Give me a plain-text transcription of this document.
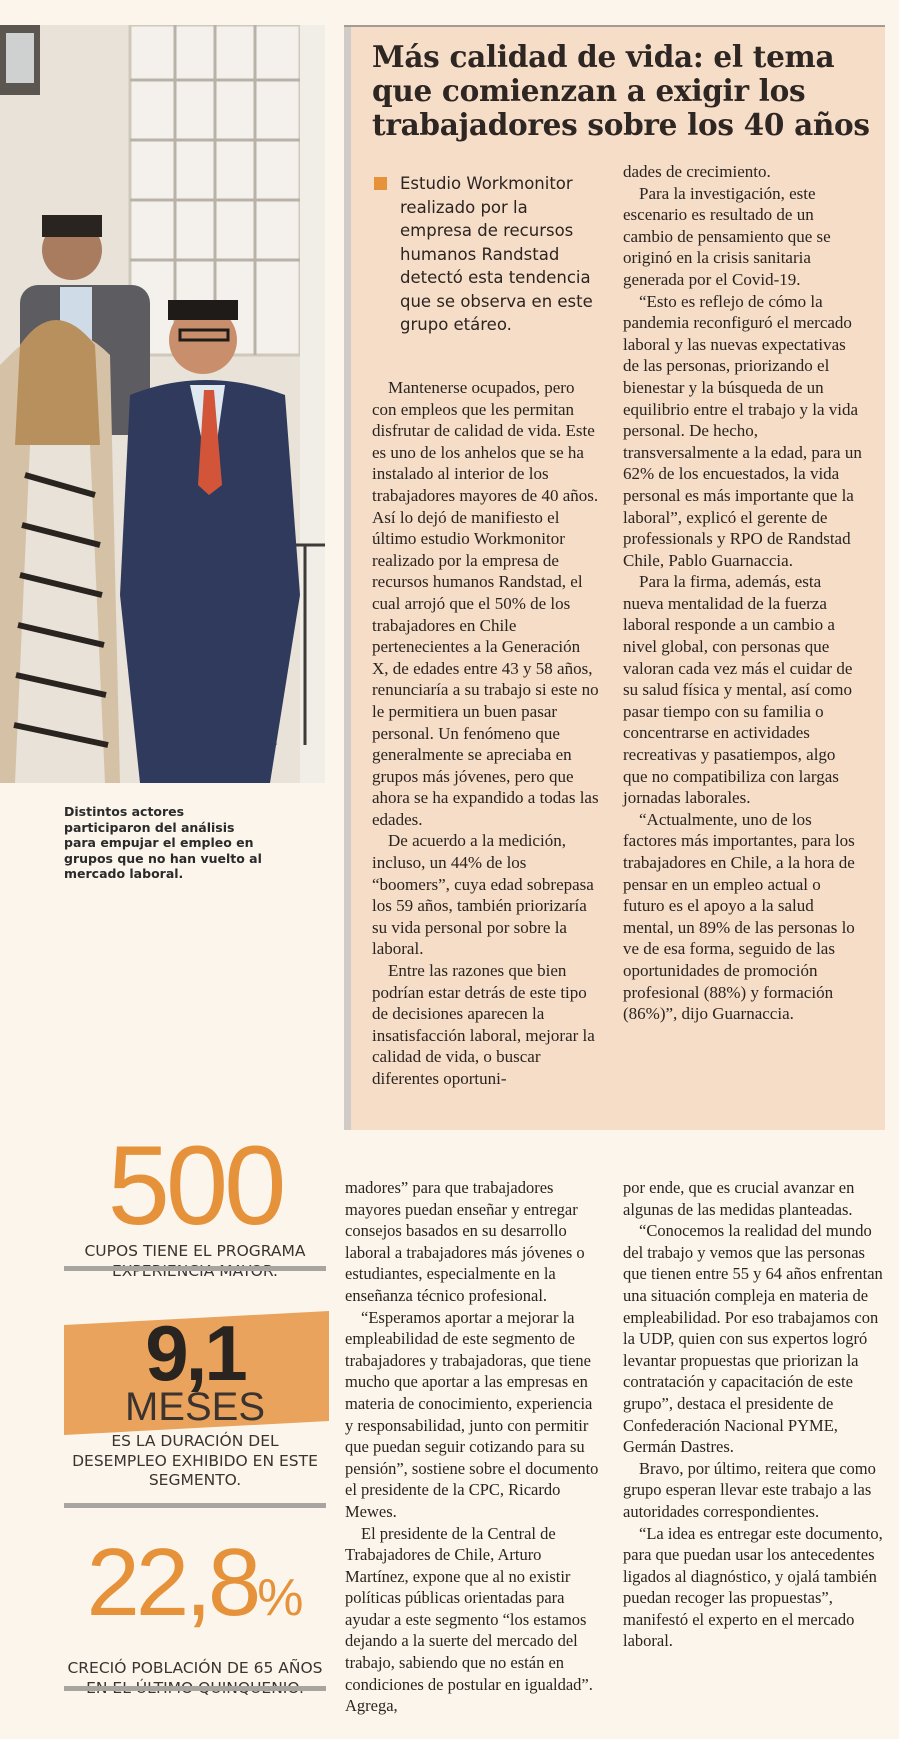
Distintos actores participaron del análisis para empujar el empleo en grupos que no han vuelto al mercado laboral.
Más calidad de vida: el tema que comienzan a exigir los trabajadores sobre los 40 años
Estudio Workmonitor realizado por la empresa de recursos humanos Randstad detectó esta tendencia que se observa en este grupo etáreo.

Mantenerse ocupados, pero con empleos que les permitan disfrutar de calidad de vida. Este es uno de los anhelos que se ha instalado al interior de los trabajadores mayores de 40 años. Así lo dejó de manifiesto el último estudio Workmonitor realizado por la empresa de recursos humanos Randstad, el cual arrojó que el 50% de los trabajadores en Chile pertenecientes a la Generación X, de edades entre 43 y 58 años, renunciaría a su trabajo si este no le permitiera un buen pasar personal. Un fenómeno que generalmente se apreciaba en grupos más jóvenes, pero que ahora se ha expandido a todas las edades.

De acuerdo a la medición, incluso, un 44% de los “boomers”, cuya edad sobrepasa los 59 años, también priorizaría su vida personal por sobre la laboral.

Entre las razones que bien podrían estar detrás de este tipo de decisiones aparecen la insatisfacción laboral, mejorar la calidad de vida, o buscar diferentes oportuni-

dades de crecimiento.

Para la investigación, este escenario es resultado de un cambio de pensamiento que se originó en la crisis sanitaria generada por el Covid-19.

“Esto es reflejo de cómo la pandemia reconfiguró el mercado laboral y las nuevas expectativas de las personas, priorizando el bienestar y la búsqueda de un equilibrio entre el trabajo y la vida personal. De hecho, transversalmente a la edad, para un 62% de los encuestados, la vida personal es más importante que la laboral”, explicó el gerente de professionals y RPO de Randstad Chile, Pablo Guarnaccia.

Para la firma, además, esta nueva mentalidad de la fuerza laboral responde a un cambio a nivel global, con personas que valoran cada vez más el cuidar de su salud física y mental, así como pasar tiempo con su familia o concentrarse en actividades recreativas y pasatiempos, algo que no compatibiliza con largas jornadas laborales.

“Actualmente, uno de los factores más importantes, para los trabajadores en Chile, a la hora de pensar en un empleo actual o futuro es el apoyo a la salud mental, un 89% de las personas lo ve de esa forma, seguido de las oportunidades de promoción profesional (88%) y formación (86%)”, dijo Guarnaccia.

500
CUPOS TIENE EL PROGRAMA
9,1
MESES
ES LA DURACIÓN DEL DESEMPLEO EXHIBIDO EN ESTE SEGMENTO.
22,8%
CRECIÓ POBLACIÓN DE 65 AÑOS

madores” para que trabajadores mayores puedan enseñar y entregar consejos basados en su desarrollo laboral a trabajadores más jóvenes o estudiantes, especialmente en la enseñanza técnico profesional.

“Esperamos aportar a mejorar la empleabilidad de este segmento de trabajadores y trabajadoras, que tiene mucho que aportar a las empresas en materia de conocimiento, experiencia y responsabilidad, junto con permitir que puedan seguir cotizando para su pensión”, sostiene sobre el documento el presidente de la CPC, Ricardo Mewes.

El presidente de la Central de Trabajadores de Chile, Arturo Martínez, expone que al no existir políticas públicas orientadas para ayudar a este segmento “los estamos dejando a la suerte del mercado del trabajo, sabiendo que no están en condiciones de postular en igualdad”. Agrega,

por ende, que es crucial avanzar en algunas de las medidas planteadas.

“Conocemos la realidad del mundo del trabajo y vemos que las personas que tienen entre 55 y 64 años enfrentan una situación compleja en materia de empleabilidad. Por eso trabajamos con la UDP, quien con sus expertos logró levantar propuestas que priorizan la contratación y capacitación de este grupo”, destaca el presidente de Confederación Nacional PYME, Germán Dastres.

Bravo, por último, reitera que como grupo esperan llevar este trabajo a las autoridades correspondientes.

“La idea es entregar este documento, para que puedan usar los antecedentes ligados al diagnóstico, y ojalá también puedan recoger las propuestas”, manifestó el experto en el mercado laboral.
